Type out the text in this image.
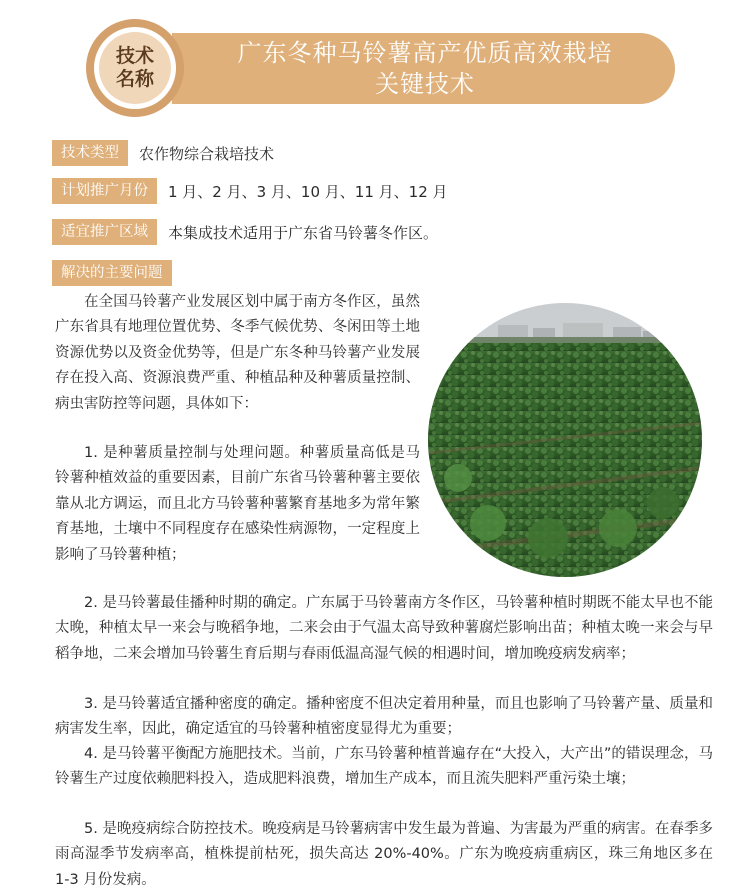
广东冬种马铃薯高产优质高效栽培
关键技术
技术
名称
技术类型	农作物综合栽培技术
计划推广月份	1 月、2 月、3 月、10 月、11 月、12 月
适宜推广区域	本集成技术适用于广东省马铃薯冬作区。
解决的主要问题

在全国马铃薯产业发展区划中属于南方冬作区，虽然广东省具有地理位置优势、冬季气候优势、冬闲田等土地资源优势以及资金优势等，但是广东冬种马铃薯产业发展存在投入高、资源浪费严重、种植品种及种薯质量控制、病虫害防控等问题，具体如下：

1. 是种薯质量控制与处理问题。种薯质量高低是马铃薯种植效益的重要因素，目前广东省马铃薯种薯主要依靠从北方调运，而且北方马铃薯种薯繁育基地多为常年繁育基地，土壤中不同程度存在感染性病源物，一定程度上影响了马铃薯种植；

2. 是马铃薯最佳播种时期的确定。广东属于马铃薯南方冬作区，马铃薯种植时期既不能太早也不能太晚，种植太早一来会与晚稻争地，二来会由于气温太高导致种薯腐烂影响出苗；种植太晚一来会与早稻争地，二来会增加马铃薯生育后期与春雨低温高湿气候的相遇时间，增加晚疫病发病率；

3. 是马铃薯适宜播种密度的确定。播种密度不但决定着用种量，而且也影响了马铃薯产量、质量和病害发生率，因此，确定适宜的马铃薯种植密度显得尤为重要；

4. 是马铃薯平衡配方施肥技术。当前，广东马铃薯种植普遍存在“大投入，大产出”的错误理念，马铃薯生产过度依赖肥料投入，造成肥料浪费，增加生产成本，而且流失肥料严重污染土壤；

5. 是晚疫病综合防控技术。晚疫病是马铃薯病害中发生最为普遍、为害最为严重的病害。在春季多雨高湿季节发病率高，植株提前枯死，损失高达 20%-40%。广东为晚疫病重病区，珠三角地区多在 1-3 月份发病。
